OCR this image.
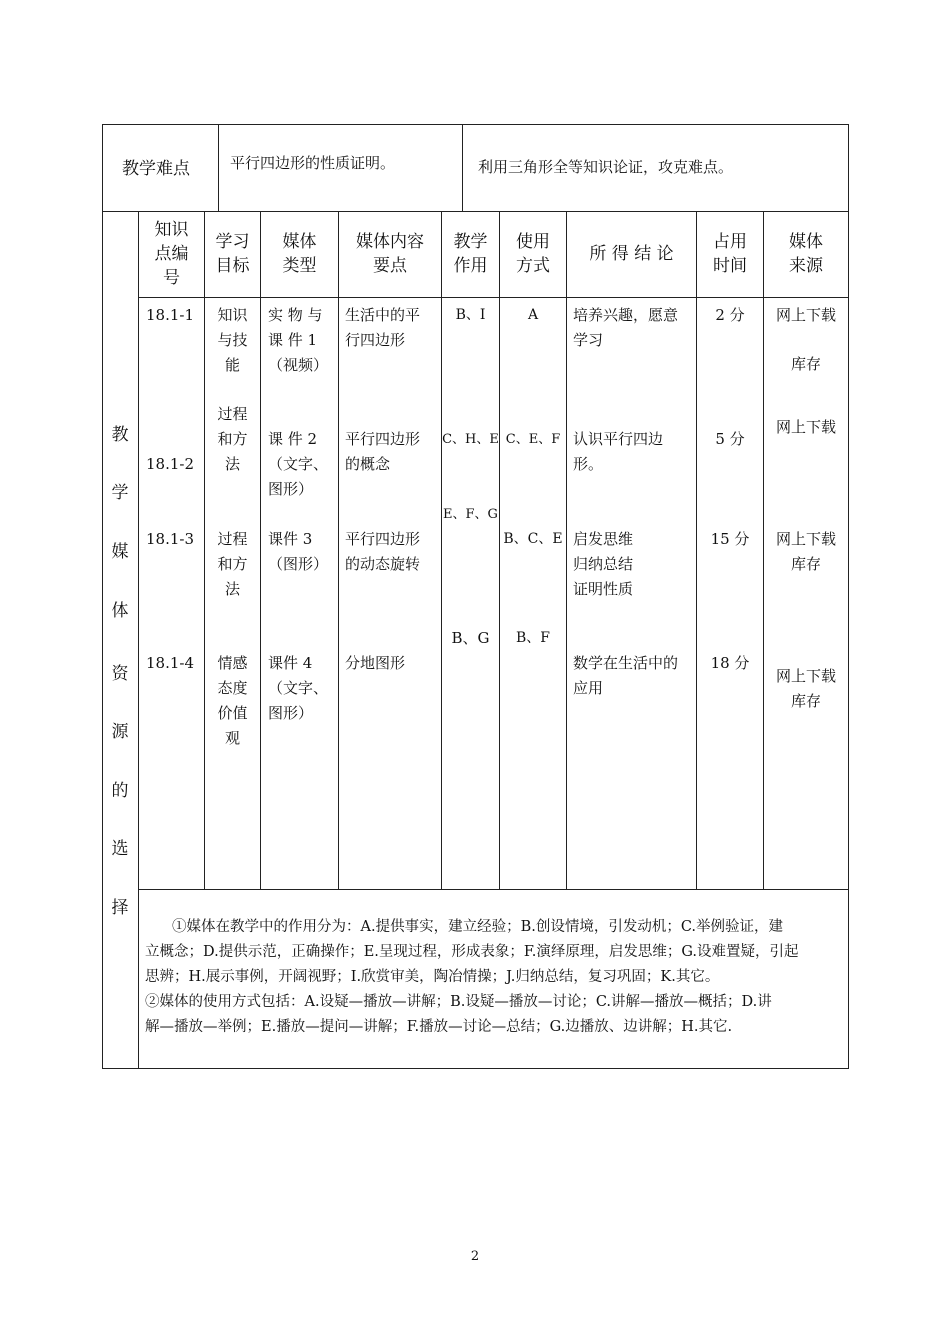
教学难点	平行四边形的性质证明。	利用三角形全等知识论证，攻克难点。
教
学
媒
体
资
源
的
选
择
知识
点编
号
学习
目标
媒体
类型
媒体内容
要点
教学
作用
使用
方式
所 得 结 论
占用
时间
媒体
来源
18.1-1
18.1-2
18.1-3
18.1-4
知识
与技
能
过程
和方
法
过程
和方
法
情感
态度
价值
观
实 物 与
课 件 1
（视频）
课 件 2
（文字、
图形）
课件 3
（图形）
课件 4
（文字、
图形）
生活中的平
行四边形
平行四边形
的概念
平行四边形
的动态旋转
分地图形
B、I
C、H、E
E、F、G
B、G
A
C、E、F
B、C、E
B、F
培养兴趣，愿意
学习
认识平行四边
形。
启发思维
归纳总结
证明性质
数学在生活中的
应用
2 分
5 分
15 分
18 分
网上下载
库存
网上下载
网上下载
库存
网上下载
库存
①媒体在教学中的作用分为：A.提供事实，建立经验；B.创设情境，引发动机；C.举例验证，建
立概念；D.提供示范，正确操作；E.呈现过程，形成表象；F.演绎原理，启发思维；G.设难置疑，引起
思辨；H.展示事例，开阔视野；I.欣赏审美，陶冶情操；J.归纳总结，复习巩固；K.其它。
②媒体的使用方式包括：A.设疑—播放—讲解；B.设疑—播放—讨论；C.讲解—播放—概括；D.讲
解—播放—举例；E.播放—提问—讲解；F.播放—讨论—总结；G.边播放、边讲解；H.其它.
2
